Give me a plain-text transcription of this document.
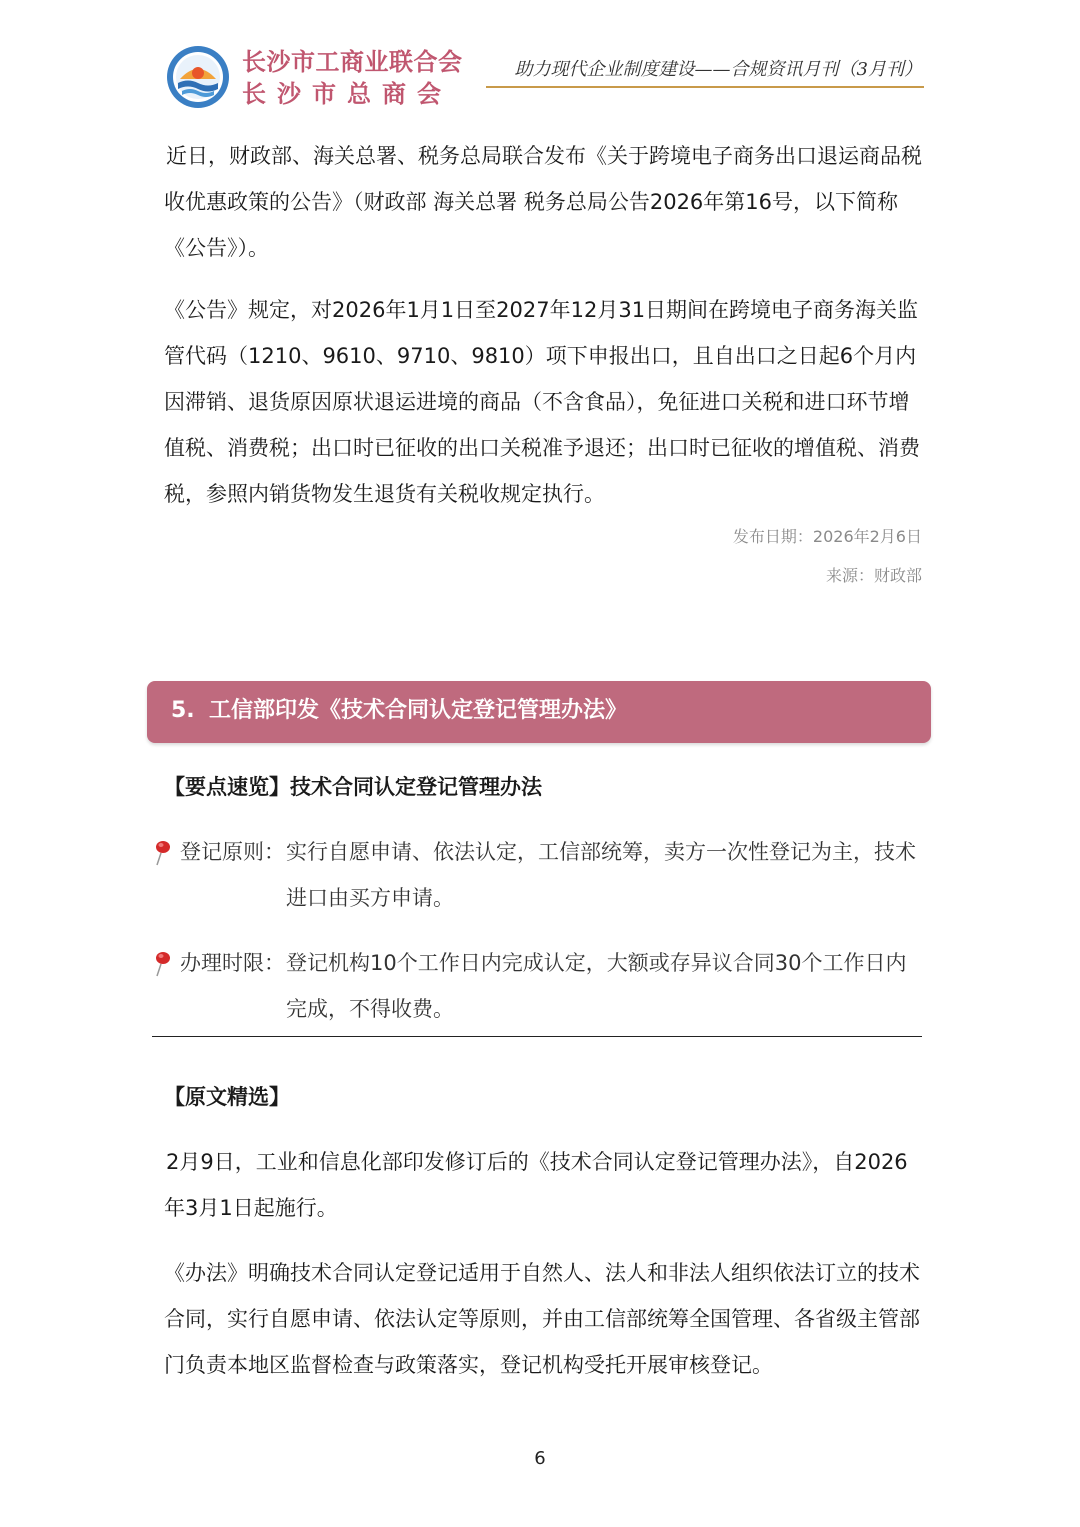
长沙市工商业联合会
长沙市总商会
助力现代企业制度建设——合规资讯月刊（3月刊）

近日，财政部、海关总署、税务总局联合发布《关于跨境电子商务出口退运商品税收优惠政策的公告》（财政部 海关总署 税务总局公告2026年第16号，以下简称《公告》）。

《公告》规定，对2026年1月1日至2027年12月31日期间在跨境电子商务海关监管代码（1210、9610、9710、9810）项下申报出口，且自出口之日起6个月内因滞销、退货原因原状退运进境的商品（不含食品），免征进口关税和进口环节增值税、消费税；出口时已征收的出口关税准予退还；出口时已征收的增值税、消费税，参照内销货物发生退货有关税收规定执行。

发布日期：2026年2月6日
来源：财政部
5. 工信部印发《技术合同认定登记管理办法》
【要点速览】技术合同认定登记管理办法
登记原则： 实行自愿申请、依法认定，工信部统筹，卖方一次性登记为主，技术进口由买方申请。

办理时限： 登记机构10个工作日内完成认定，大额或存异议合同30个工作日内完成，不得收费。

【原文精选】

2月9日，工业和信息化部印发修订后的《技术合同认定登记管理办法》，自2026年3月1日起施行。

《办法》明确技术合同认定登记适用于自然人、法人和非法人组织依法订立的技术合同，实行自愿申请、依法认定等原则，并由工信部统筹全国管理、各省级主管部门负责本地区监督检查与政策落实，登记机构受托开展审核登记。

6
